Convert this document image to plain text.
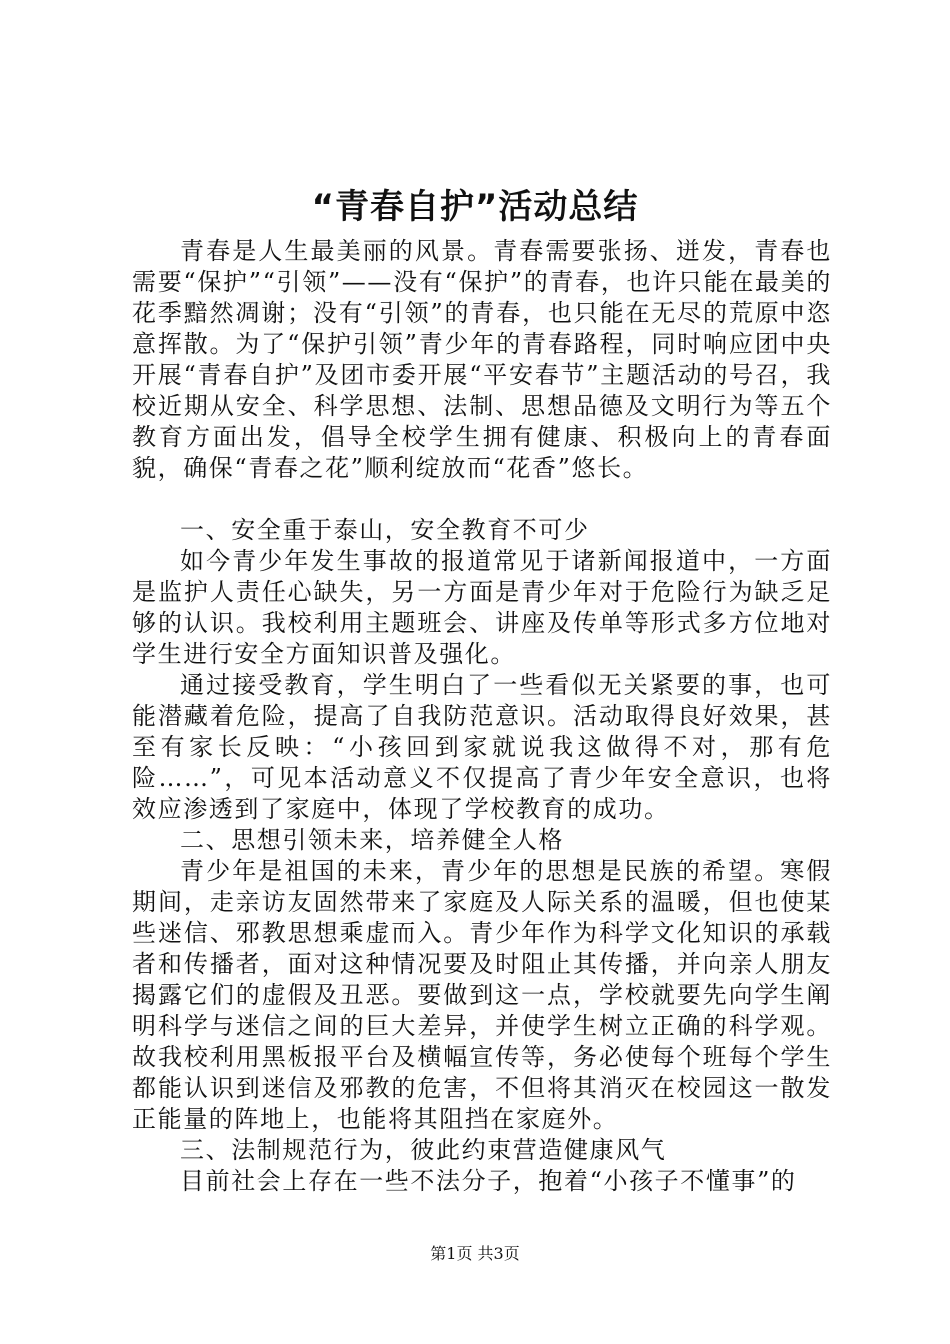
“青春自护”活动总结

青春是人生最美丽的风景。青春需要张扬、迸发，青春也需要“保护”“引领”——没有“保护”的青春，也许只能在最美的花季黯然凋谢；没有“引领”的青春，也只能在无尽的荒原中恣意挥散。为了“保护引领”青少年的青春路程，同时响应团中央开展“青春自护”及团市委开展“平安春节”主题活动的号召，我校近期从安全、科学思想、法制、思想品德及文明行为等五个教育方面出发，倡导全校学生拥有健康、积极向上的青春面貌，确保“青春之花”顺利绽放而“花香”悠长。

一、安全重于泰山，安全教育不可少

如今青少年发生事故的报道常见于诸新闻报道中，一方面是监护人责任心缺失，另一方面是青少年对于危险行为缺乏足够的认识。我校利用主题班会、讲座及传单等形式多方位地对学生进行安全方面知识普及强化。

通过接受教育，学生明白了一些看似无关紧要的事，也可能潜藏着危险，提高了自我防范意识。活动取得良好效果，甚至有家长反映：“小孩回到家就说我这做得不对，那有危险……”，可见本活动意义不仅提高了青少年安全意识，也将效应渗透到了家庭中，体现了学校教育的成功。

二、思想引领未来，培养健全人格

青少年是祖国的未来，青少年的思想是民族的希望。寒假期间，走亲访友固然带来了家庭及人际关系的温暖，但也使某些迷信、邪教思想乘虚而入。青少年作为科学文化知识的承载者和传播者，面对这种情况要及时阻止其传播，并向亲人朋友揭露它们的虚假及丑恶。要做到这一点，学校就要先向学生阐明科学与迷信之间的巨大差异，并使学生树立正确的科学观。故我校利用黑板报平台及横幅宣传等，务必使每个班每个学生都能认识到迷信及邪教的危害，不但将其消灭在校园这一散发正能量的阵地上，也能将其阻挡在家庭外。

三、法制规范行为，彼此约束营造健康风气

目前社会上存在一些不法分子，抱着“小孩子不懂事”的

第1页 共3页
